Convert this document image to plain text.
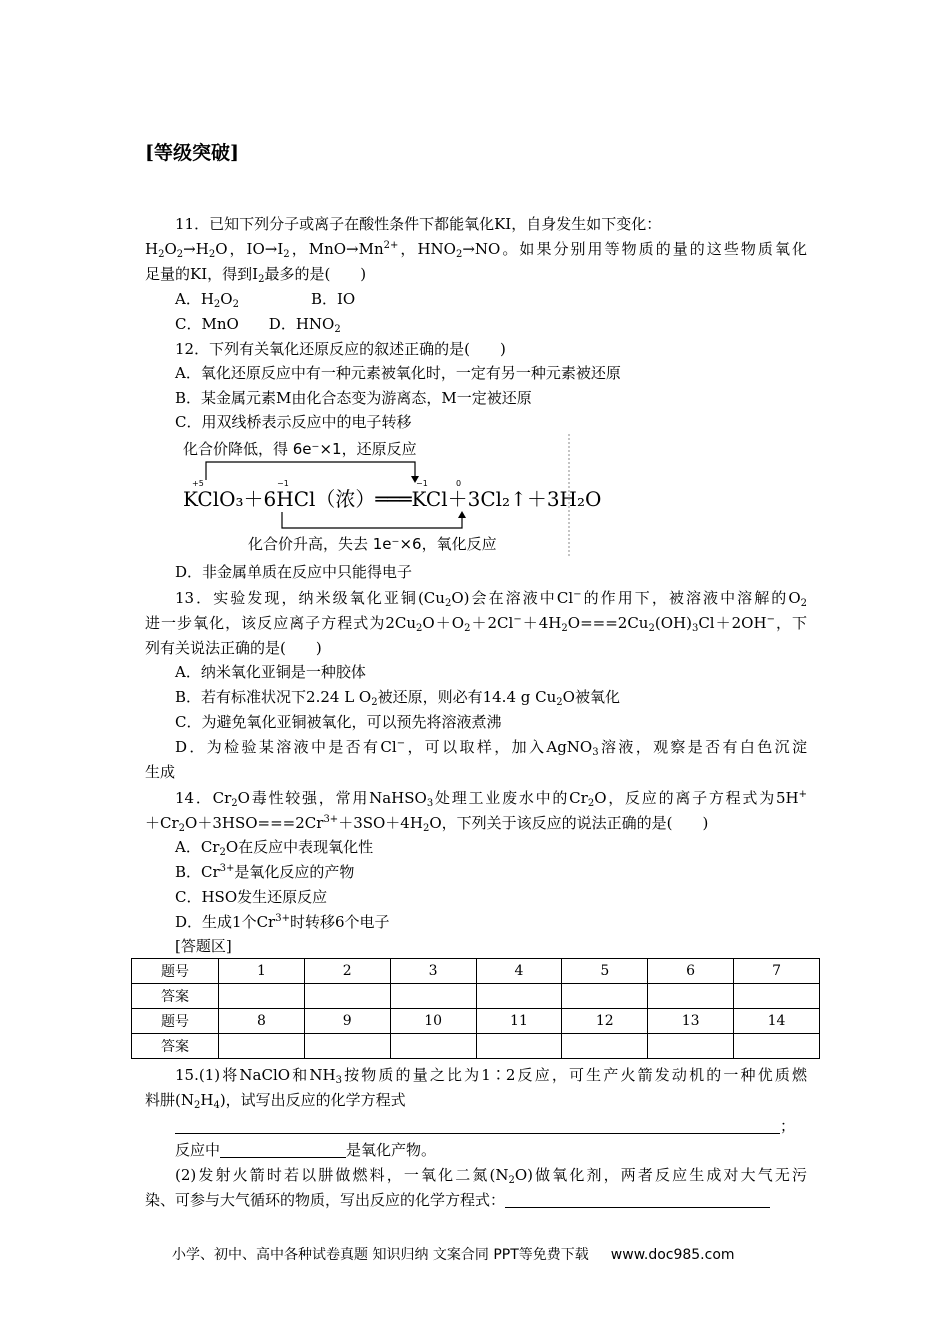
[等级突破]
11．已知下列分子或离子在酸性条件下都能氧化KI，自身发生如下变化：
$H_2O_2\to H_2O$，$IO\to I_2$，$MnO\to Mn^{2+}$，$HNO_2\to NO$。如果分别用等物质的量的这些物质氧化
足量的KI，得到$I_2$最多的是(　　)
A．$H_2O_2$	B．IO
C．MnO D．$HNO_2$
12．下列有关氧化还原反应的叙述正确的是(　　)
A．氧化还原反应中有一种元素被氧化时，一定有另一种元素被还原
B．某金属元素M由化合态变为游离态，M一定被还原
C．用双线桥表示反应中的电子转移
化合价降低，得 6e⁻×1，还原反应
+5	−1	−1	0
KClO₃＋6HCl（浓）═══KCl＋3Cl₂↑＋3H₂O
化合价升高，失去 1e⁻×6，氧化反应
D．非金属单质在反应中只能得电子
13．实验发现，纳米级氧化亚铜$(Cu_2O)$会在溶液中Cl−的作用下，被溶液中溶解的$O_2$
进一步氧化，该反应离子方程式为$2Cu_2O+O_2+2Cl^-+4H_2O===2Cu_2(OH)_3Cl+2OH^-$，下
列有关说法正确的是(　　)
A．纳米氧化亚铜是一种胶体
B．若有标准状况下2.24 L $O_2$被还原，则必有14.4 g $Cu_2O$被氧化
C．为避免氧化亚铜被氧化，可以预先将溶液煮沸
D．为检验某溶液中是否有Cl−，可以取样，加入AgNO$_3$溶液，观察是否有白色沉淀
生成
14．$Cr_2O$毒性较强，常用NaHSO$_3$处理工业废水中的$Cr_2O$，反应的离子方程式为5H+
$+Cr_2O+3HSO===2Cr^{3+}+3SO+4H_2O$，下列关于该反应的说法正确的是(　　)
A．$Cr_2O$在反应中表现氧化性
B．$Cr^{3+}$是氧化反应的产物
C．HSO发生还原反应
D．生成1个$Cr^{3+}$时转移6个电子
[答题区]
题号	1	2	3	4	5	6	7
答案							
题号	8	9	10	11	12	13	14
答案							
15.(1)将NaClO和$NH_3$按物质的量之比为1∶2反应，可生产火箭发动机的一种优质燃
料肼$(N_2H_4)$，试写出反应的化学方程式
；
反应中	是氧化产物。
(2)发射火箭时若以肼做燃料，一氧化二氮$(N_2O)$做氧化剂，两者反应生成对大气无污
染、可参与大气循环的物质，写出反应的化学方程式：
小学、初中、高中各种试卷真题 知识归纳 文案合同 PPT等免费下载 www.doc985.com
